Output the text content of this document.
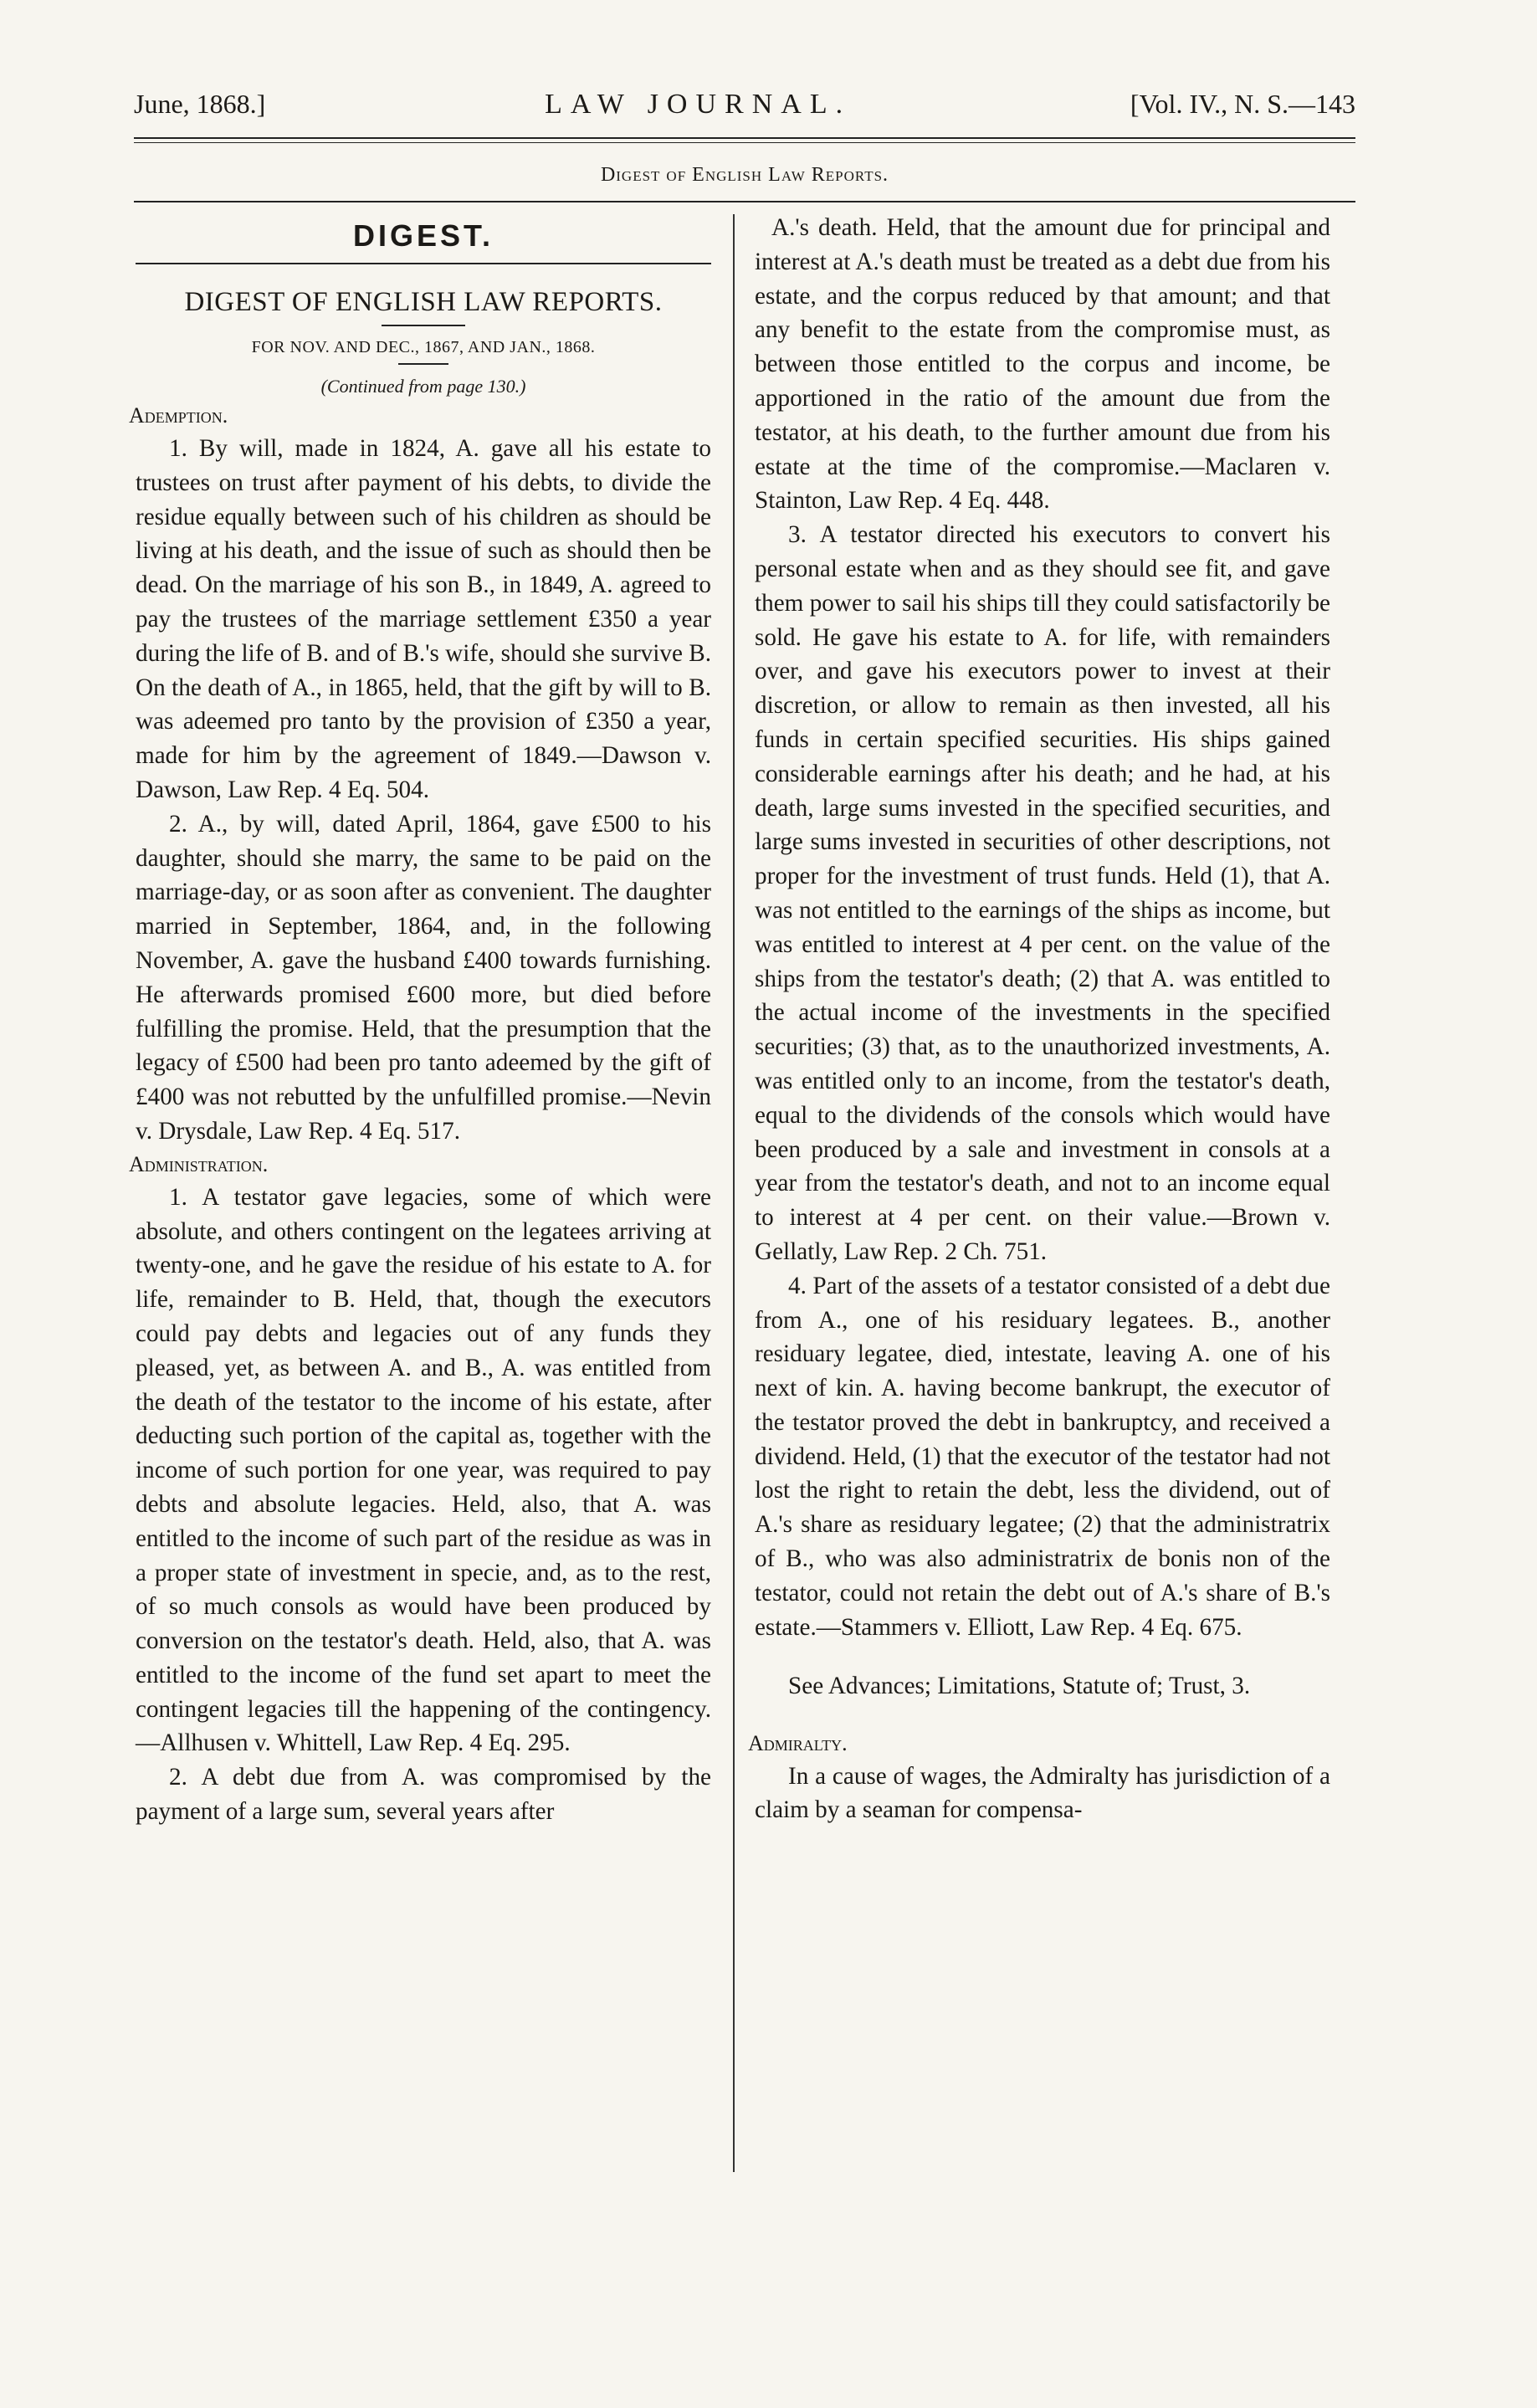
June, 1868.]	LAW JOURNAL.	[Vol. IV., N. S.—143
Digest of English Law Reports.
DIGEST.
DIGEST OF ENGLISH LAW REPORTS.
FOR NOV. AND DEC., 1867, AND JAN., 1868.
(Continued from page 130.)
Ademption.

1. By will, made in 1824, A. gave all his estate to trustees on trust after payment of his debts, to divide the residue equally between such of his children as should be living at his death, and the issue of such as should then be dead. On the marriage of his son B., in 1849, A. agreed to pay the trustees of the marriage settlement £350 a year during the life of B. and of B.'s wife, should she survive B. On the death of A., in 1865, held, that the gift by will to B. was adeemed pro tanto by the provision of £350 a year, made for him by the agreement of 1849.—Dawson v. Dawson, Law Rep. 4 Eq. 504.

2. A., by will, dated April, 1864, gave £500 to his daughter, should she marry, the same to be paid on the marriage-day, or as soon after as convenient. The daughter married in September, 1864, and, in the following November, A. gave the husband £400 towards furnishing. He afterwards promised £600 more, but died before fulfilling the promise. Held, that the presumption that the legacy of £500 had been pro tanto adeemed by the gift of £400 was not rebutted by the unfulfilled promise.—Nevin v. Drysdale, Law Rep. 4 Eq. 517.

Administration.

1. A testator gave legacies, some of which were absolute, and others contingent on the legatees arriving at twenty-one, and he gave the residue of his estate to A. for life, remainder to B. Held, that, though the executors could pay debts and legacies out of any funds they pleased, yet, as between A. and B., A. was entitled from the death of the testator to the income of his estate, after deducting such portion of the capital as, together with the income of such portion for one year, was required to pay debts and absolute legacies. Held, also, that A. was entitled to the income of such part of the residue as was in a proper state of investment in specie, and, as to the rest, of so much consols as would have been produced by conversion on the testator's death. Held, also, that A. was entitled to the income of the fund set apart to meet the contingent legacies till the happening of the contingency.—Allhusen v. Whittell, Law Rep. 4 Eq. 295.

2. A debt due from A. was compromised by the payment of a large sum, several years after

A.'s death. Held, that the amount due for principal and interest at A.'s death must be treated as a debt due from his estate, and the corpus reduced by that amount; and that any benefit to the estate from the compromise must, as between those entitled to the corpus and income, be apportioned in the ratio of the amount due from the testator, at his death, to the further amount due from his estate at the time of the compromise.—Maclaren v. Stainton, Law Rep. 4 Eq. 448.

3. A testator directed his executors to convert his personal estate when and as they should see fit, and gave them power to sail his ships till they could satisfactorily be sold. He gave his estate to A. for life, with remainders over, and gave his executors power to invest at their discretion, or allow to remain as then invested, all his funds in certain specified securities. His ships gained considerable earnings after his death; and he had, at his death, large sums invested in the specified securities, and large sums invested in securities of other descriptions, not proper for the investment of trust funds. Held (1), that A. was not entitled to the earnings of the ships as income, but was entitled to interest at 4 per cent. on the value of the ships from the testator's death; (2) that A. was entitled to the actual income of the investments in the specified securities; (3) that, as to the unauthorized investments, A. was entitled only to an income, from the testator's death, equal to the dividends of the consols which would have been produced by a sale and investment in consols at a year from the testator's death, and not to an income equal to interest at 4 per cent. on their value.—Brown v. Gellatly, Law Rep. 2 Ch. 751.

4. Part of the assets of a testator consisted of a debt due from A., one of his residuary legatees. B., another residuary legatee, died, intestate, leaving A. one of his next of kin. A. having become bankrupt, the executor of the testator proved the debt in bankruptcy, and received a dividend. Held, (1) that the executor of the testator had not lost the right to retain the debt, less the dividend, out of A.'s share as residuary legatee; (2) that the administratrix of B., who was also administratrix de bonis non of the testator, could not retain the debt out of A.'s share of B.'s estate.—Stammers v. Elliott, Law Rep. 4 Eq. 675.

See Advances; Limitations, Statute of; Trust, 3.

Admiralty.

In a cause of wages, the Admiralty has jurisdiction of a claim by a seaman for compensa-
